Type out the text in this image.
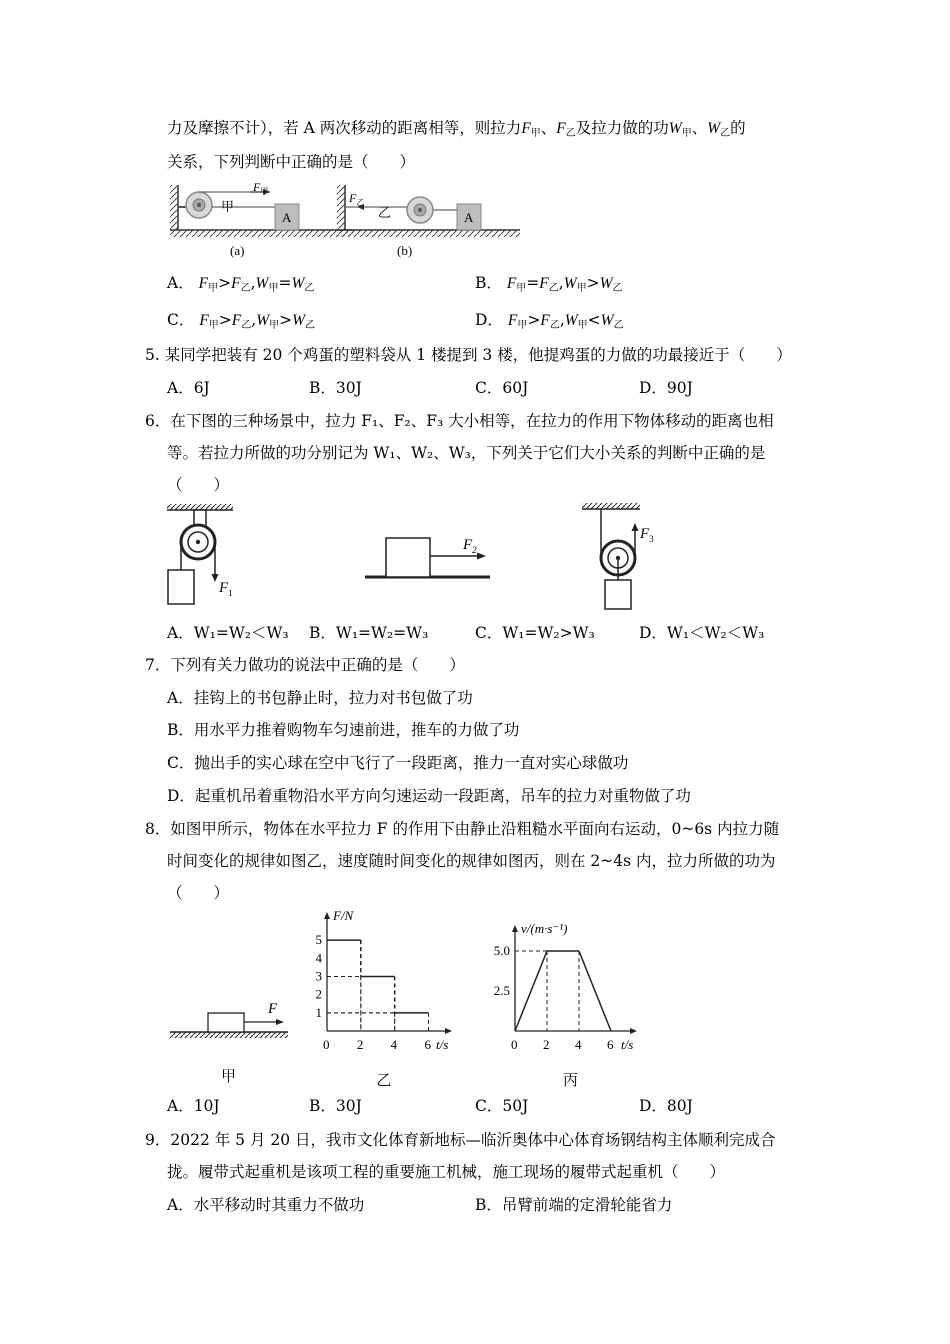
力及摩擦不计），若 A 两次移动的距离相等，则拉力$F_甲$、$F_乙$及拉力做的功$W_甲$、$W_乙$的
关系，下列判断中正确的是（　　）
$F_甲$
甲
A
(a)
$F_乙$
乙	A
(b)
A． $F_甲>F_乙,W_甲=W_乙$	B． $F_甲=F_乙,W_甲>W_乙$
C． $F_甲>F_乙,W_甲>W_乙$	D． $F_甲>F_乙,W_甲<W_乙$
5. 某同学把装有 20 个鸡蛋的塑料袋从 1 楼提到 3 楼，他提鸡蛋的力做的功最接近于（　　）
A．6J	B．30J	C．60J	D．90J
6．在下图的三种场景中，拉力 F₁、F₂、F₃ 大小相等，在拉力的作用下物体移动的距离也相
等。若拉力所做的功分别记为 W₁、W₂、W₃，下列关于它们大小关系的判断中正确的是
（　　）
$F_1$
$F_2$
$F_3$
A．W₁=W₂＜W₃ B．W₁=W₂=W₃	C．W₁=W₂>W₃	D．W₁＜W₂＜W₃
7．下列有关力做功的说法中正确的是（　　）
A．挂钩上的书包静止时，拉力对书包做了功
B．用水平力推着购物车匀速前进，推车的力做了功
C．抛出手的实心球在空中飞行了一段距离，推力一直对实心球做功
D．起重机吊着重物沿水平方向匀速运动一段距离，吊车的拉力对重物做了功
8．如图甲所示，物体在水平拉力 F 的作用下由静止沿粗糙水平面向右运动，0~6s 内拉力随
时间变化的规律如图乙，速度随时间变化的规律如图丙，则在 2~4s 内，拉力所做的功为
（　　）
F
甲
F/N
t/s
0 2 4 6
1
2
3
4
5
乙
v/(m·s⁻¹)
t/s
0 2 4 6
2.5
5.0
丙
A．10J	B．30J	C．50J	D．80J
9．2022 年 5 月 20 日，我市文化体育新地标—临沂奥体中心体育场钢结构主体顺利完成合
拢。履带式起重机是该项工程的重要施工机械，施工现场的履带式起重机（　　）
A．水平移动时其重力不做功	B．吊臂前端的定滑轮能省力
